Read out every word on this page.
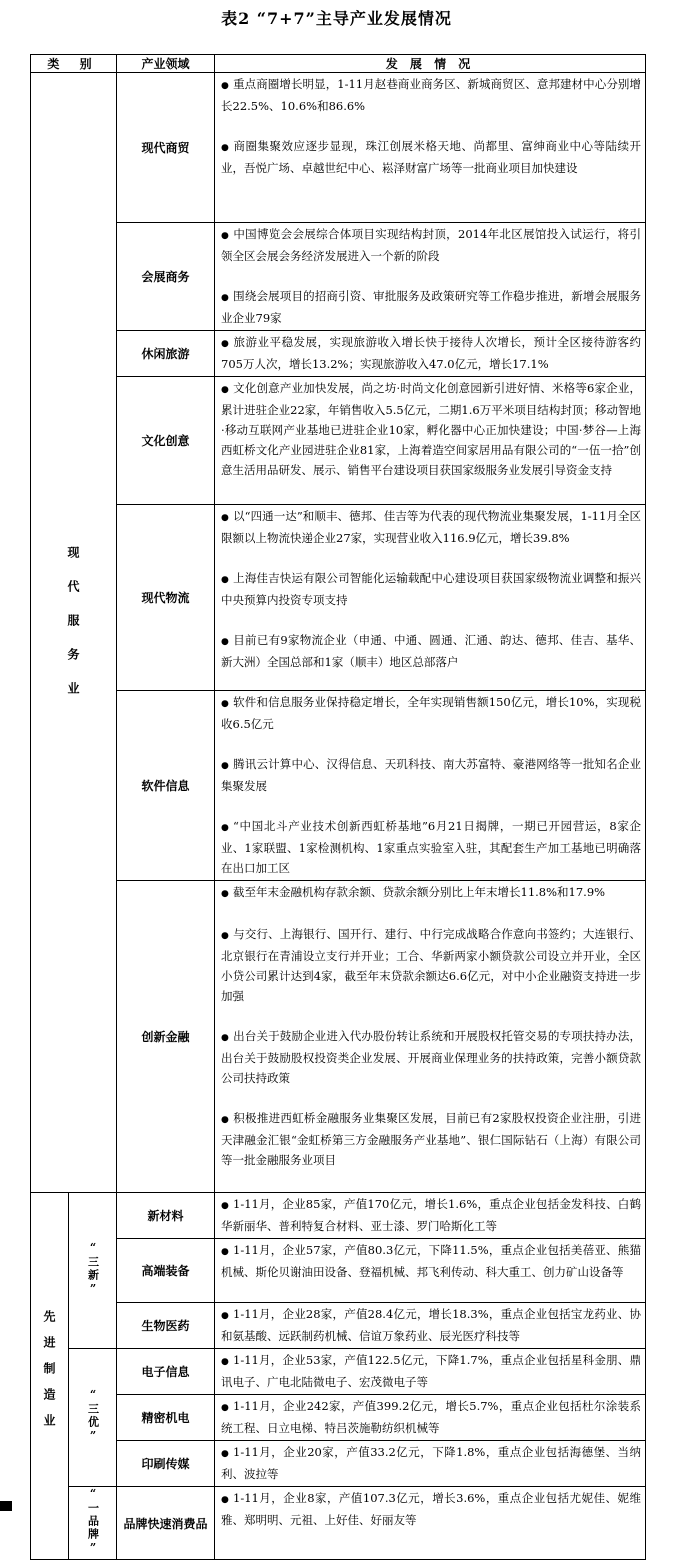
表2 “7+7”主导产业发展情况
类 别		产业领域	发 展 情 况
现代服务业		现代商贸	● 重点商圈增长明显，1-11月赵巷商业商务区、新城商贸区、意邦建材中心分别增长22.5%、10.6%和86.6%

● 商圈集聚效应逐步显现，珠江创展米格天地、尚都里、富绅商业中心等陆续开业，吾悦广场、卓越世纪中心、崧泽财富广场等一批商业项目加快建设

		会展商务	● 中国博览会会展综合体项目实现结构封顶，2014年北区展馆投入试运行，将引领全区会展会务经济发展进入一个新的阶段

● 围绕会展项目的招商引资、审批服务及政策研究等工作稳步推进，新增会展服务业企业79家

		休闲旅游	● 旅游业平稳发展，实现旅游收入增长快于接待人次增长，预计全区接待游客约705万人次，增长13.2%；实现旅游收入47.0亿元，增长17.1%

		文化创意	● 文化创意产业加快发展，尚之坊·时尚文化创意园新引进好情、米格等6家企业，累计进驻企业22家，年销售收入5.5亿元，二期1.6万平米项目结构封顶；移动智地·移动互联网产业基地已进驻企业10家，孵化器中心正加快建设；中国·梦谷—上海西虹桥文化产业园进驻企业81家，上海着造空间家居用品有限公司的“一伍一拾”创意生活用品研发、展示、销售平台建设项目获国家级服务业发展引导资金支持

		现代物流	● 以“四通一达”和顺丰、德邦、佳吉等为代表的现代物流业集聚发展，1-11月全区限额以上物流快递企业27家，实现营业收入116.9亿元，增长39.8%

● 上海佳吉快运有限公司智能化运输载配中心建设项目获国家级物流业调整和振兴中央预算内投资专项支持

● 目前已有9家物流企业（申通、中通、圆通、汇通、韵达、德邦、佳吉、基华、新大洲）全国总部和1家（顺丰）地区总部落户

		软件信息	● 软件和信息服务业保持稳定增长，全年实现销售额150亿元，增长10%，实现税收6.5亿元

● 腾讯云计算中心、汉得信息、天玑科技、南大苏富特、豪港网络等一批知名企业集聚发展

● “中国北斗产业技术创新西虹桥基地”6月21日揭牌，一期已开园营运，8家企业、1家联盟、1家检测机构、1家重点实验室入驻，其配套生产加工基地已明确落在出口加工区

		创新金融	● 截至年末金融机构存款余额、贷款余额分别比上年末增长11.8%和17.9%

● 与交行、上海银行、国开行、建行、中行完成战略合作意向书签约；大连银行、北京银行在青浦设立支行并开业；工合、华新两家小额贷款公司设立并开业，全区小贷公司累计达到4家，截至年末贷款余额达6.6亿元，对中小企业融资支持进一步加强

● 出台关于鼓励企业进入代办股份转让系统和开展股权托管交易的专项扶持办法，出台关于鼓励股权投资类企业发展、开展商业保理业务的扶持政策，完善小额贷款公司扶持政策

● 积极推进西虹桥金融服务业集聚区发展，目前已有2家股权投资企业注册，引进天津融金汇银“金虹桥第三方金融服务产业基地”、银仁国际钻石（上海）有限公司等一批金融服务业项目

先进制造业	“三新”	新材料	● 1-11月，企业85家，产值170亿元，增长1.6%，重点企业包括金发科技、白鹤华新丽华、普利特复合材料、亚士漆、罗门哈斯化工等

		高端装备	● 1-11月，企业57家，产值80.3亿元，下降11.5%，重点企业包括美蓓亚、熊猫机械、斯伦贝谢油田设备、登福机械、邦飞利传动、科大重工、创力矿山设备等

		生物医药	● 1-11月，企业28家，产值28.4亿元，增长18.3%，重点企业包括宝龙药业、协和氨基酸、远跃制药机械、信谊万象药业、辰光医疗科技等

	“三优”	电子信息	● 1-11月，企业53家，产值122.5亿元，下降1.7%，重点企业包括星科金朋、鼎讯电子、广电北陆微电子、宏茂微电子等

		精密机电	● 1-11月，企业242家，产值399.2亿元，增长5.7%，重点企业包括杜尔涂装系统工程、日立电梯、特吕茨施勒纺织机械等

		印刷传媒	● 1-11月，企业20家，产值33.2亿元，下降1.8%，重点企业包括海德堡、当纳利、波拉等

	“一品牌”	品牌快速消费品	● 1-11月，企业8家，产值107.3亿元，增长3.6%，重点企业包括尤妮佳、妮维雅、郑明明、元祖、上好佳、好丽友等
